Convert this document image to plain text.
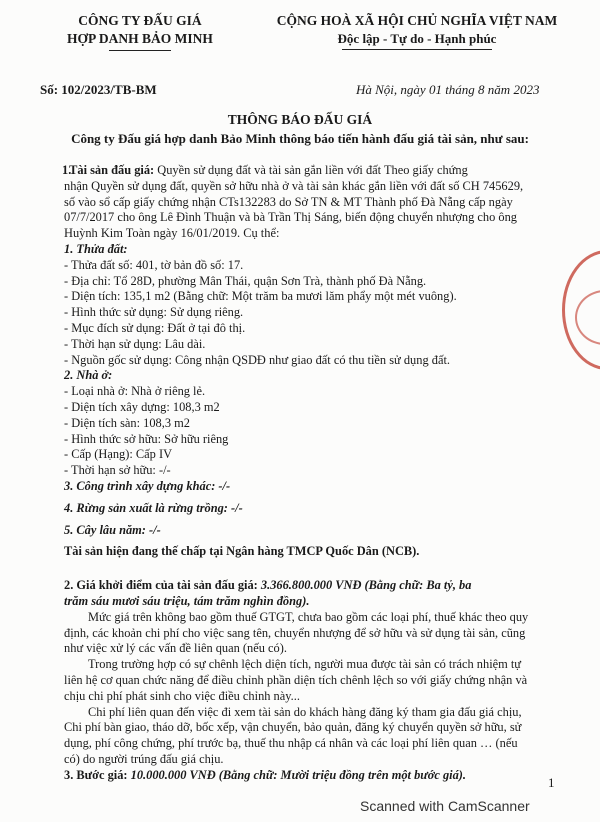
CÔNG TY ĐẤU GIÁ
HỢP DANH BẢO MINH
CỘNG HOÀ XÃ HỘI CHỦ NGHĨA VIỆT NAM
Độc lập - Tự do - Hạnh phúc
Số: 102/2023/TB-BM	Hà Nội, ngày 01 tháng 8 năm 2023
THÔNG BÁO ĐẤU GIÁ
Công ty Đấu giá hợp danh Bảo Minh thông báo tiến hành đấu giá tài sản, như sau:

1. Tài sản đấu giá: Quyền sử dụng đất và tài sản gắn liền với đất Theo giấy chứng

nhận Quyền sử dụng đất, quyền sở hữu nhà ở và tài sản khác gắn liền với đất số CH 745629,

số vào sổ cấp giấy chứng nhận CTs132283 do Sở TN & MT Thành phố Đà Nẵng cấp ngày

07/7/2017 cho ông Lê Đình Thuận và bà Trần Thị Sáng, biến động chuyển nhượng cho ông

Huỳnh Kim Toàn ngày 16/01/2019. Cụ thể:

1. Thửa đất:

- Thửa đất số: 401, tờ bản đồ số: 17.

- Địa chỉ: Tổ 28D, phường Mân Thái, quận Sơn Trà, thành phố Đà Nẵng.

- Diện tích: 135,1 m2 (Bằng chữ: Một trăm ba mươi lăm phẩy một mét vuông).

- Hình thức sử dụng: Sử dụng riêng.

- Mục đích sử dụng: Đất ở tại đô thị.

- Thời hạn sử dụng: Lâu dài.

- Nguồn gốc sử dụng: Công nhận QSDĐ như giao đất có thu tiền sử dụng đất.

2. Nhà ở:

- Loại nhà ở: Nhà ở riêng lẻ.

- Diện tích xây dựng: 108,3 m2

- Diện tích sàn: 108,3 m2

- Hình thức sở hữu: Sở hữu riêng

- Cấp (Hạng): Cấp IV

- Thời hạn sở hữu: -/-

3. Công trình xây dựng khác: -/-

4. Rừng sản xuất là rừng trồng: -/-

5. Cây lâu năm: -/-

Tài sản hiện đang thế chấp tại Ngân hàng TMCP Quốc Dân (NCB).

2. Giá khởi điểm của tài sản đấu giá: 3.366.800.000 VNĐ (Bằng chữ: Ba tỷ, ba

trăm sáu mươi sáu triệu, tám trăm nghìn đồng).

Mức giá trên không bao gồm thuế GTGT, chưa bao gồm các loại phí, thuế khác theo quy

định, các khoản chi phí cho việc sang tên, chuyển nhượng để sở hữu và sử dụng tài sản, cũng

như việc xử lý các vấn đề liên quan (nếu có).

Trong trường hợp có sự chênh lệch diện tích, người mua được tài sản có trách nhiệm tự

liên hệ cơ quan chức năng để điều chỉnh phần diện tích chênh lệch so với giấy chứng nhận và

chịu chi phí phát sinh cho việc điều chỉnh này...

Chi phí liên quan đến việc đi xem tài sản do khách hàng đăng ký tham gia đấu giá chịu,

Chi phí bàn giao, tháo dỡ, bốc xếp, vận chuyển, bảo quản, đăng ký chuyển quyền sở hữu, sử

dụng, phí công chứng, phí trước bạ, thuế thu nhập cá nhân và các loại phí liên quan … (nếu

có) do người trúng đấu giá chịu.

3. Bước giá: 10.000.000 VNĐ (Bằng chữ: Mười triệu đồng trên một bước giá).

1
Scanned with CamScanner
